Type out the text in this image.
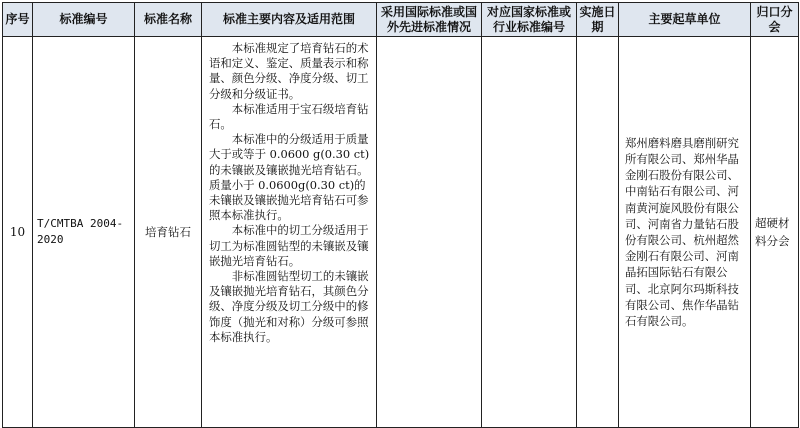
序号	标准编号	标准名称	标准主要内容及适用范围	采用国际标准或国外先进标准情况	对应国家标准或行业标准编号	实施日期	主要起草单位	归口分会
10	T/CMTBA 2004-2020	培育钻石	本标准规定了培育钻石的术语和定义、鉴定、质量表示和称量、颜色分级、净度分级、切工分级和分级证书。

本标准适用于宝石级培育钻石。

本标准中的分级适用于质量大于或等于 0.0600 g(0.30 ct)的未镶嵌及镶嵌抛光培育钻石。质量小于 0.0600g(0.30 ct)的未镶嵌及镶嵌抛光培育钻石可参照本标准执行。

本标准中的切工分级适用于切工为标准圆钻型的未镶嵌及镶嵌抛光培育钻石。

非标准圆钻型切工的未镶嵌及镶嵌抛光培育钻石，其颜色分级、净度分级及切工分级中的修饰度（抛光和对称）分级可参照本标准执行。				郑州磨料磨具磨削研究所有限公司、郑州华晶金刚石股份有限公司、中南钻石有限公司、河南黄河旋风股份有限公司、河南省力量钻石股份有限公司、杭州超然金刚石有限公司、河南晶拓国际钻石有限公司、北京阿尔玛斯科技有限公司、焦作华晶钻石有限公司。	超硬材料分会
